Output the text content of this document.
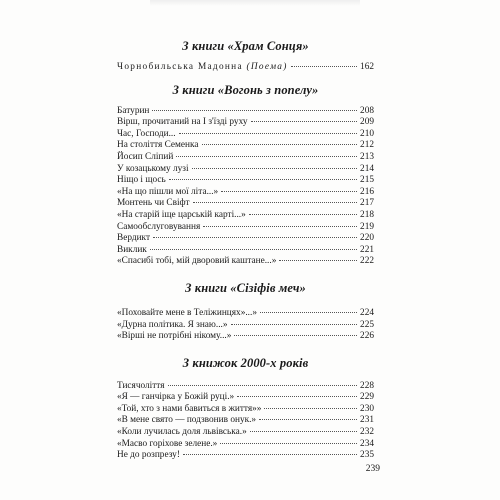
З книги «Храм Сонця»
Чорнобильська Мадонна (Поема)	162
З книги «Вогонь з попелу»
Батурин	208
Вірш, прочитаний на І з'їзді руху	209
Час, Господи...	210
На століття Семенка	212
Йосип Сліпий	213
У козацькому лузі	214
Ніщо і щось	215
«На що пішли мої літа...»	216
Монтень чи Свіфт	217
«На старій іще царській карті...»	218
Самообслуговування	219
Вердикт	220
Виклик	221
«Спасибі тобі, мій дворовий каштане...»	222
З книги «Сізіфів меч»
«Поховайте мене в Теліжинцях»...»	224
«Дурна політика. Я знаю...»	225
«Вірші не потрібні нікому...»	226
З книжок 2000-х років
Тисячоліття	228
«Я — ганчірка у Божій руці.»	229
«Той, хто з нами бавиться в життя»»	230
«В мене свято — подзвонив онук.»	231
«Коли лучилась доля львівська.»	232
«Масво горіхове зелене.»	234
Не до розпрезу!	235
239
